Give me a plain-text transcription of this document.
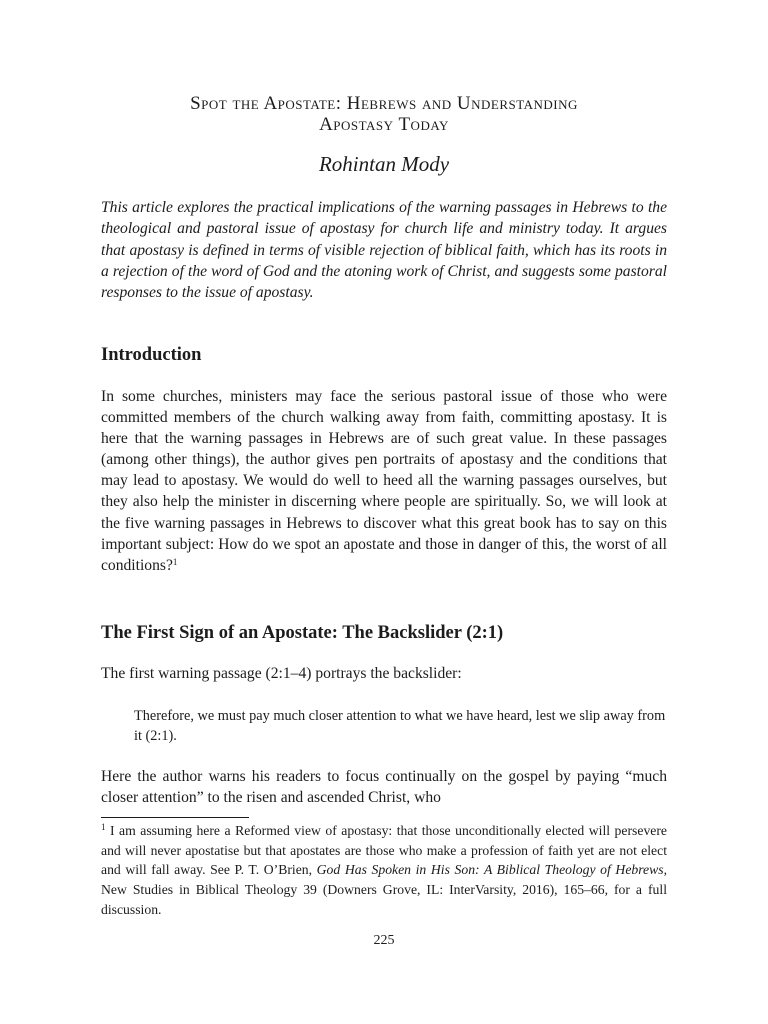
Spot the Apostate: Hebrews and Understanding
Apostasy Today
Rohintan Mody

This article explores the practical implications of the warning passages in Hebrews to the theological and pastoral issue of apostasy for church life and ministry today. It argues that apostasy is defined in terms of visible rejection of biblical faith, which has its roots in a rejection of the word of God and the atoning work of Christ, and suggests some pastoral responses to the issue of apostasy.

Introduction

In some churches, ministers may face the serious pastoral issue of those who were committed members of the church walking away from faith, committing apostasy. It is here that the warning passages in Hebrews are of such great value. In these passages (among other things), the author gives pen portraits of apostasy and the conditions that may lead to apostasy. We would do well to heed all the warning passages ourselves, but they also help the minister in discerning where people are spiritually. So, we will look at the five warning passages in Hebrews to discover what this great book has to say on this important subject: How do we spot an apostate and those in danger of this, the worst of all conditions?$^1$

The First Sign of an Apostate: The Backslider (2:1)

The first warning passage (2:1–4) portrays the backslider:

Therefore, we must pay much closer attention to what we have heard, lest we slip away from it (2:1).

Here the author warns his readers to focus continually on the gospel by paying “much closer attention” to the risen and ascended Christ, who

$^1$ I am assuming here a Reformed view of apostasy: that those unconditionally elected will persevere and will never apostatise but that apostates are those who make a profession of faith yet are not elect and will fall away. See P. T. O’Brien, God Has Spoken in His Son: A Biblical Theology of Hebrews, New Studies in Biblical Theology 39 (Downers Grove, IL: InterVarsity, 2016), 165–66, for a full discussion.

225
